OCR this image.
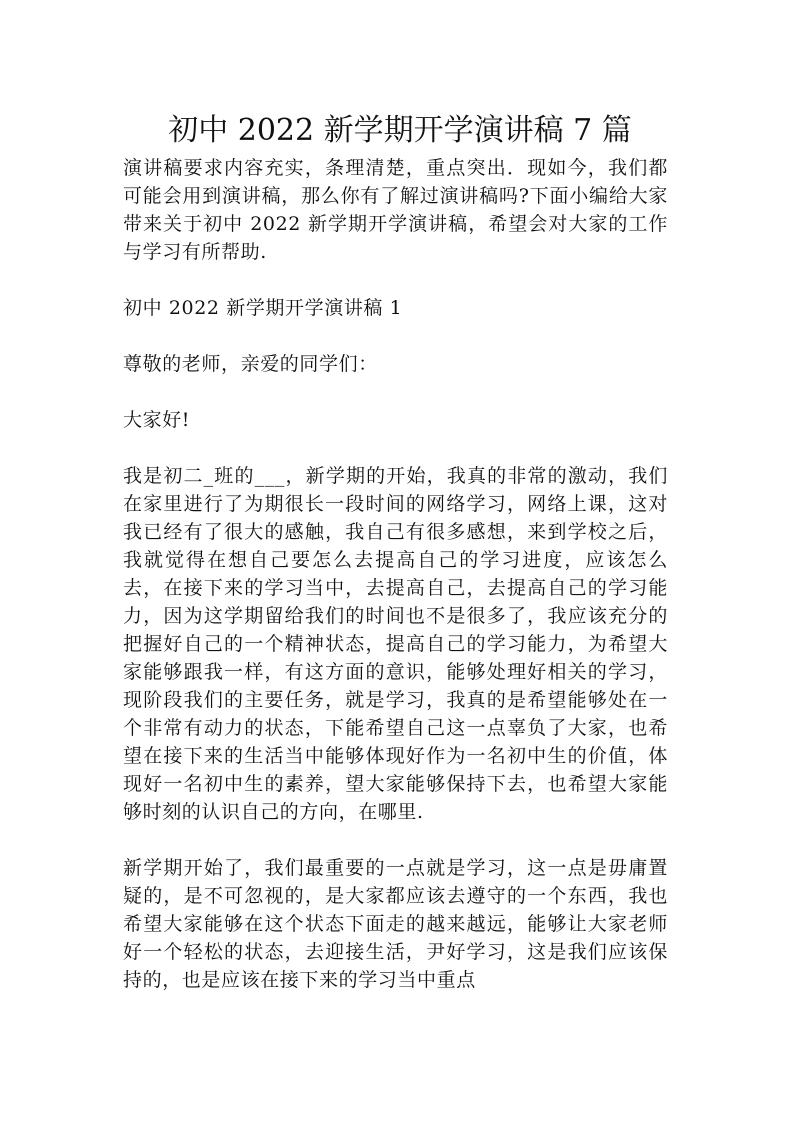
初中 2022 新学期开学演讲稿 7 篇

演讲稿要求内容充实，条理清楚，重点突出．现如今，我们都可能会用到演讲稿，那么你有了解过演讲稿吗?下面小编给大家带来关于初中 2022 新学期开学演讲稿，希望会对大家的工作与学习有所帮助.

初中 2022 新学期开学演讲稿 1

尊敬的老师，亲爱的同学们：

大家好!

我是初二_班的___，新学期的开始，我真的非常的激动，我们在家里进行了为期很长一段时间的网络学习，网络上课，这对我已经有了很大的感触，我自己有很多感想，来到学校之后，我就觉得在想自己要怎么去提高自己的学习进度，应该怎么去，在接下来的学习当中，去提高自己，去提高自己的学习能力，因为这学期留给我们的时间也不是很多了，我应该充分的把握好自己的一个精神状态，提高自己的学习能力，为希望大家能够跟我一样，有这方面的意识，能够处理好相关的学习，现阶段我们的主要任务，就是学习，我真的是希望能够处在一个非常有动力的状态，下能希望自己这一点辜负了大家，也希望在接下来的生活当中能够体现好作为一名初中生的价值，体现好一名初中生的素养，望大家能够保持下去，也希望大家能够时刻的认识自己的方向，在哪里.

新学期开始了，我们最重要的一点就是学习，这一点是毋庸置疑的，是不可忽视的，是大家都应该去遵守的一个东西，我也希望大家能够在这个状态下面走的越来越远，能够让大家老师好一个轻松的状态，去迎接生活，尹好学习，这是我们应该保持的，也是应该在接下来的学习当中重点
